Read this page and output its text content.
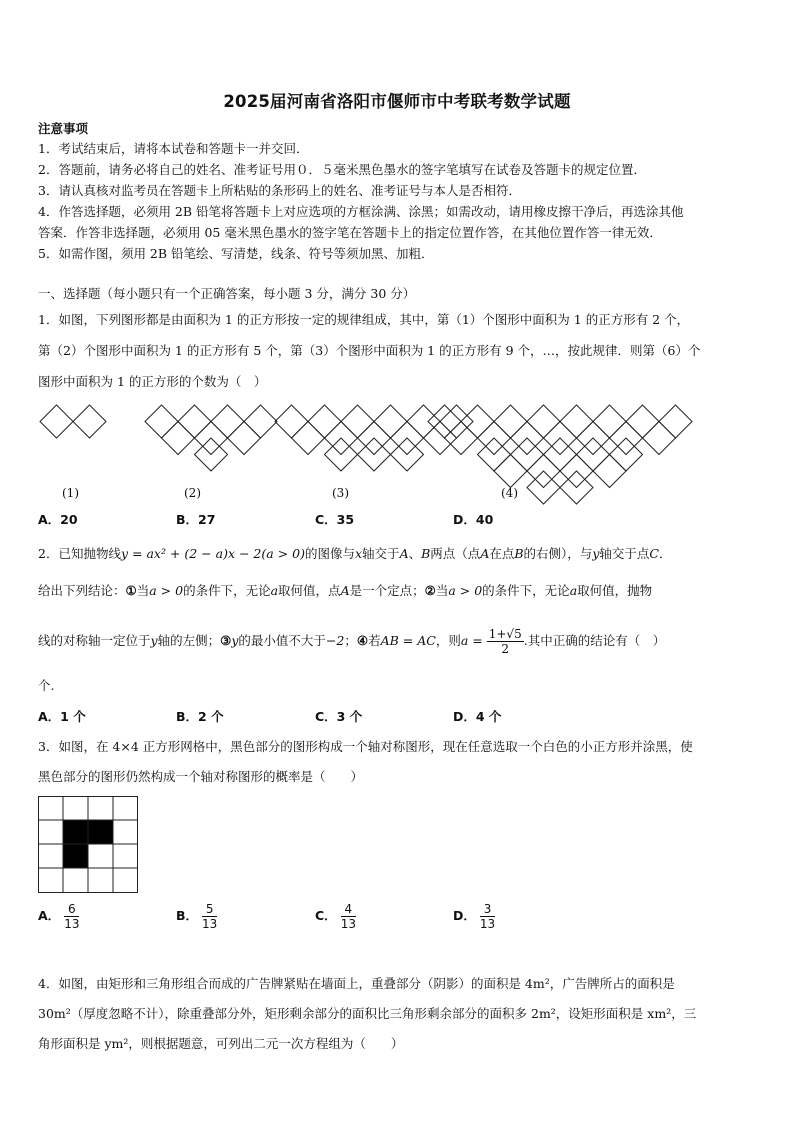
2025届河南省洛阳市偃师市中考联考数学试题
注意事项
1．考试结束后，请将本试卷和答题卡一并交回．
2．答题前，请务必将自己的姓名、准考证号用０．５毫米黑色墨水的签字笔填写在试卷及答题卡的规定位置．
3．请认真核对监考员在答题卡上所粘贴的条形码上的姓名、准考证号与本人是否相符．
4．作答选择题，必须用 2B 铅笔将答题卡上对应选项的方框涂满、涂黑；如需改动，请用橡皮擦干净后，再选涂其他
答案．作答非选择题，必须用 05 毫米黑色墨水的签字笔在答题卡上的指定位置作答，在其他位置作答一律无效．
5．如需作图，须用 2B 铅笔绘、写清楚，线条、符号等须加黑、加粗．
一、选择题（每小题只有一个正确答案，每小题 3 分，满分 30 分）
1．如图，下列图形都是由面积为 1 的正方形按一定的规律组成，其中，第（1）个图形中面积为 1 的正方形有 2 个，
第（2）个图形中面积为 1 的正方形有 5 个，第（3）个图形中面积为 1 的正方形有 9 个，…，按此规律．则第（6）个
图形中面积为 1 的正方形的个数为（　）
(1)	(2)	(3)	(4)
A．20	B．27	C．35	D．40
2．已知抛物线y = ax² + (2 − a)x − 2(a > 0)的图像与x轴交于A、B两点（点A在点B的右侧），与y轴交于点C．
给出下列结论：①当a > 0的条件下，无论a取何值，点A是一个定点；②当a > 0的条件下，无论a取何值，抛物
线的对称轴一定位于y轴的左侧；③y的最小值不大于−2；④若AB = AC，则$a = \frac{1+√5}{2}$ .其中正确的结论有（　）
个.
A．1 个	B．2 个	C．3 个	D．4 个
3．如图，在 4×4 正方形网格中，黑色部分的图形构成一个轴对称图形，现在任意选取一个白色的小正方形并涂黑，使
黑色部分的图形仍然构成一个轴对称图形的概率是（　　）
A． $\frac{6}{13}$	B． $\frac{5}{13}$	C． $\frac{4}{13}$	D． $\frac{3}{13}$
4．如图，由矩形和三角形组合而成的广告牌紧贴在墙面上，重叠部分（阴影）的面积是 4m²，广告牌所占的面积是
30m²（厚度忽略不计），除重叠部分外，矩形剩余部分的面积比三角形剩余部分的面积多 2m²，设矩形面积是 xm²，三
角形面积是 ym²，则根据题意，可列出二元一次方程组为（　　）
